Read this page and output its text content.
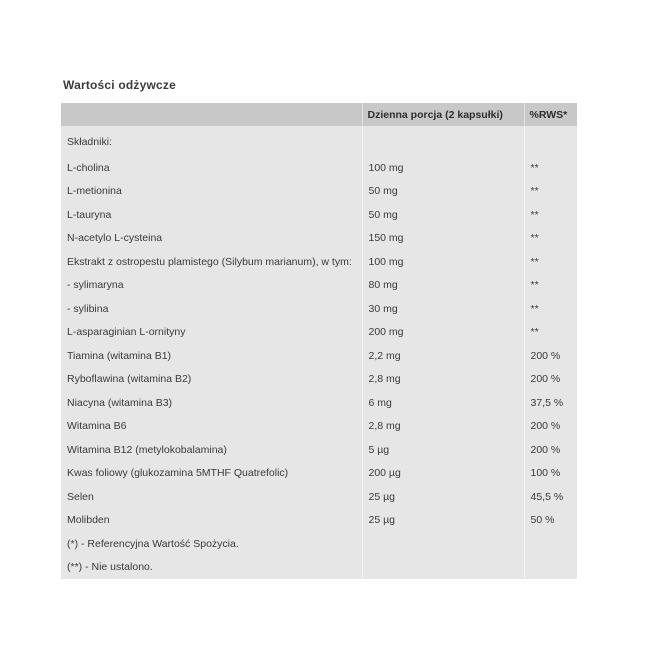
Wartości odżywcze
	Dzienna porcja (2 kapsułki)	%RWS*
Składniki:		
L-cholina	100 mg	**
L-metionina	50 mg	**
L-tauryna	50 mg	**
N-acetylo L-cysteina	150 mg	**
Ekstrakt z ostropestu plamistego (Silybum marianum), w tym:	100 mg	**
- sylimaryna	80 mg	**
- sylibina	30 mg	**
L-asparaginian L-ornityny	200 mg	**
Tiamina (witamina B1)	2,2 mg	200 %
Ryboflawina (witamina B2)	2,8 mg	200 %
Niacyna (witamina B3)	6 mg	37,5 %
Witamina B6	2,8 mg	200 %
Witamina B12 (metylokobalamina)	5 µg	200 %
Kwas foliowy (glukozamina 5MTHF Quatrefolic)	200 µg	100 %
Selen	25 µg	45,5 %
Molibden	25 µg	50 %
(*) - Referencyjna Wartość Spożycia.		
(**) - Nie ustalono.		
